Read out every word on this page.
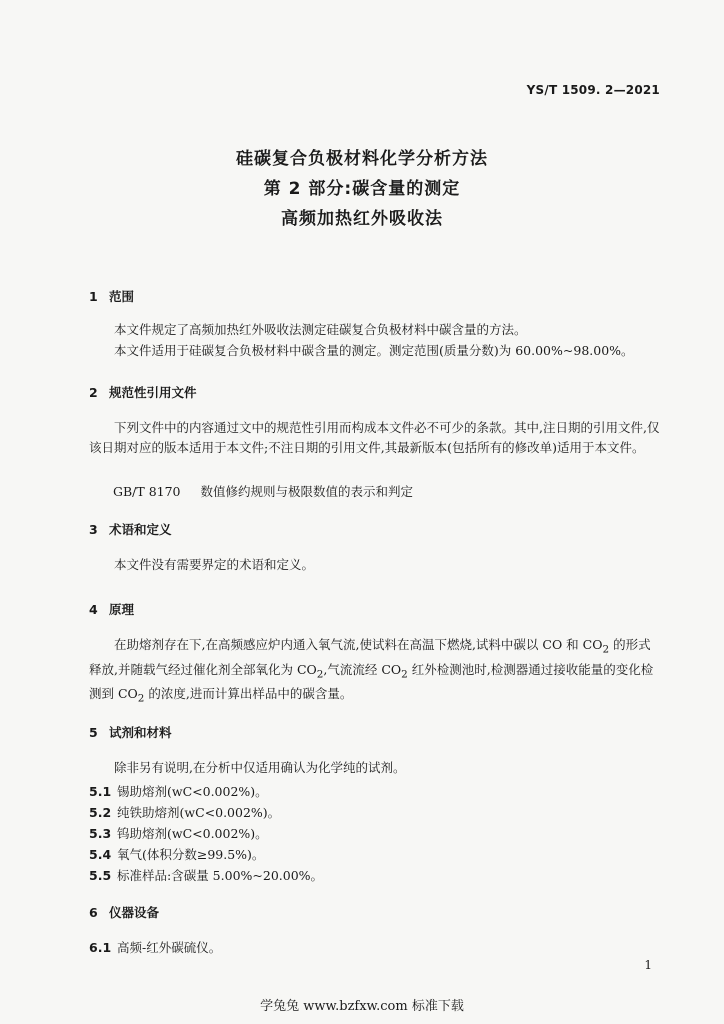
YS/T 1509. 2—2021
硅碳复合负极材料化学分析方法
第 2 部分:碳含量的测定
高频加热红外吸收法
1 范围
本文件规定了高频加热红外吸收法测定硅碳复合负极材料中碳含量的方法。
本文件适用于硅碳复合负极材料中碳含量的测定。测定范围(质量分数)为 60.00%~98.00%。
2 规范性引用文件
下列文件中的内容通过文中的规范性引用而构成本文件必不可少的条款。其中,注日期的引用文件,仅该日期对应的版本适用于本文件;不注日期的引用文件,其最新版本(包括所有的修改单)适用于本文件。
GB/T 8170 数值修约规则与极限数值的表示和判定
3 术语和定义
本文件没有需要界定的术语和定义。
4 原理
在助熔剂存在下,在高频感应炉内通入氧气流,使试料在高温下燃烧,试料中碳以 CO 和 $CO_2$ 的形式释放,并随载气经过催化剂全部氧化为 $CO_2$,气流流经 $CO_2$ 红外检测池时,检测器通过接收能量的变化检测到 $CO_2$ 的浓度,进而计算出样品中的碳含量。
5 试剂和材料
除非另有说明,在分析中仅适用确认为化学纯的试剂。
5.1 锡助熔剂(wC<0.002%)。
5.2 纯铁助熔剂(wC<0.002%)。
5.3 钨助熔剂(wC<0.002%)。
5.4 氧气(体积分数≥99.5%)。
5.5 标准样品:含碳量 5.00%~20.00%。
6 仪器设备
6.1 高频-红外碳硫仪。
1
学兔兔 www.bzfxw.com 标准下载
